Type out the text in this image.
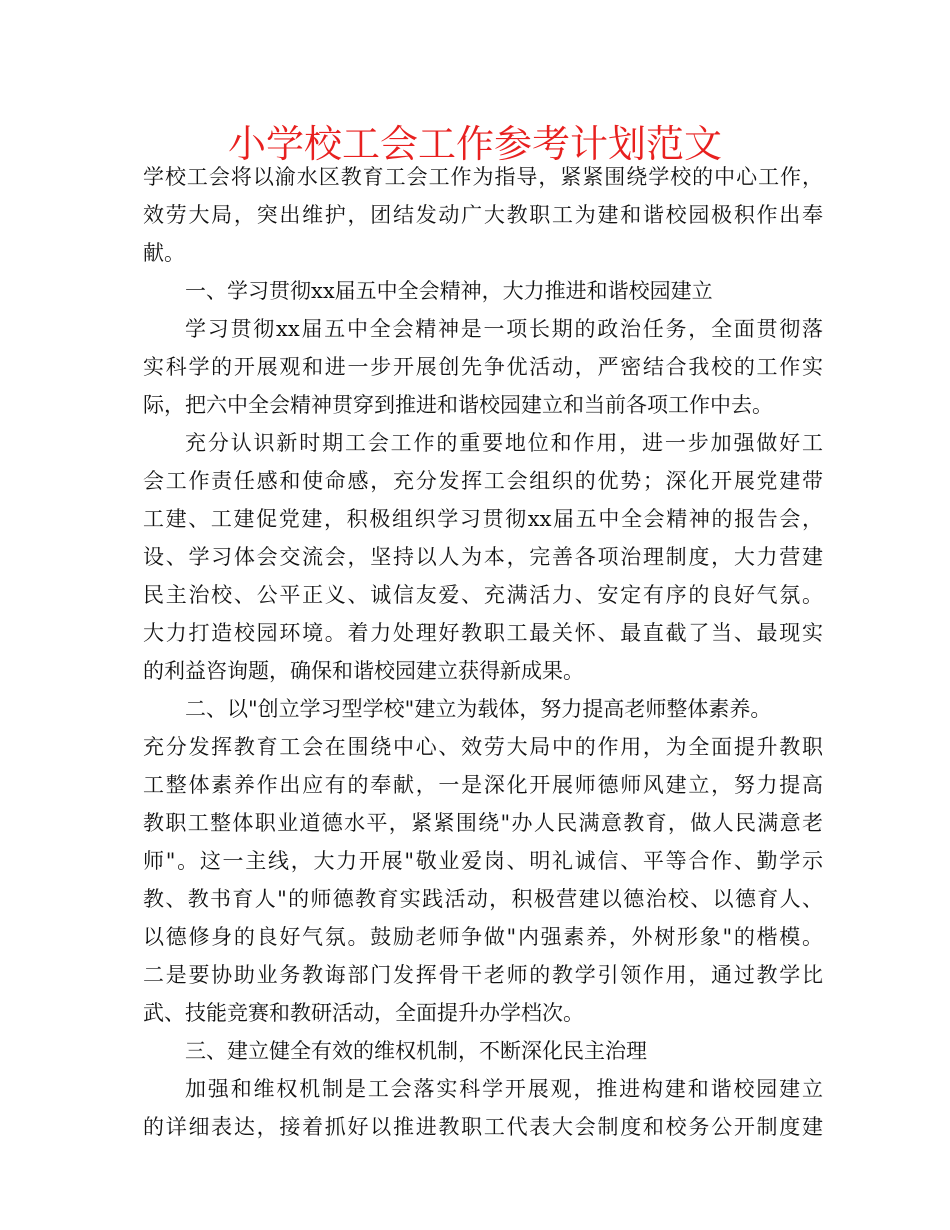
小学校工会工作参考计划范文

学校工会将以渝水区教育工会工作为指导，紧紧围绕学校的中心工作，

效劳大局，突出维护，团结发动广大教职工为建和谐校园极积作出奉

献。

一、学习贯彻xx届五中全会精神，大力推进和谐校园建立

学习贯彻xx届五中全会精神是一项长期的政治任务，全面贯彻落

实科学的开展观和进一步开展创先争优活动，严密结合我校的工作实

际，把六中全会精神贯穿到推进和谐校园建立和当前各项工作中去。

充分认识新时期工会工作的重要地位和作用，进一步加强做好工

会工作责任感和使命感，充分发挥工会组织的优势；深化开展党建带

工建、工建促党建，积极组织学习贯彻xx届五中全会精神的报告会，

设、学习体会交流会，坚持以人为本，完善各项治理制度，大力营建

民主治校、公平正义、诚信友爱、充满活力、安定有序的良好气氛。

大力打造校园环境。着力处理好教职工最关怀、最直截了当、最现实

的利益咨询题，确保和谐校园建立获得新成果。

二、以"创立学习型学校"建立为载体，努力提高老师整体素养。

充分发挥教育工会在围绕中心、效劳大局中的作用，为全面提升教职

工整体素养作出应有的奉献，一是深化开展师德师风建立，努力提高

教职工整体职业道德水平，紧紧围绕"办人民满意教育，做人民满意老

师"。这一主线，大力开展"敬业爱岗、明礼诚信、平等合作、勤学示

教、教书育人"的师德教育实践活动，积极营建以德治校、以德育人、

以德修身的良好气氛。鼓励老师争做"内强素养，外树形象"的楷模。

二是要协助业务教诲部门发挥骨干老师的教学引领作用，通过教学比

武、技能竞赛和教研活动，全面提升办学档次。

三、建立健全有效的维权机制，不断深化民主治理

加强和维权机制是工会落实科学开展观，推进构建和谐校园建立

的详细表达，接着抓好以推进教职工代表大会制度和校务公开制度建
